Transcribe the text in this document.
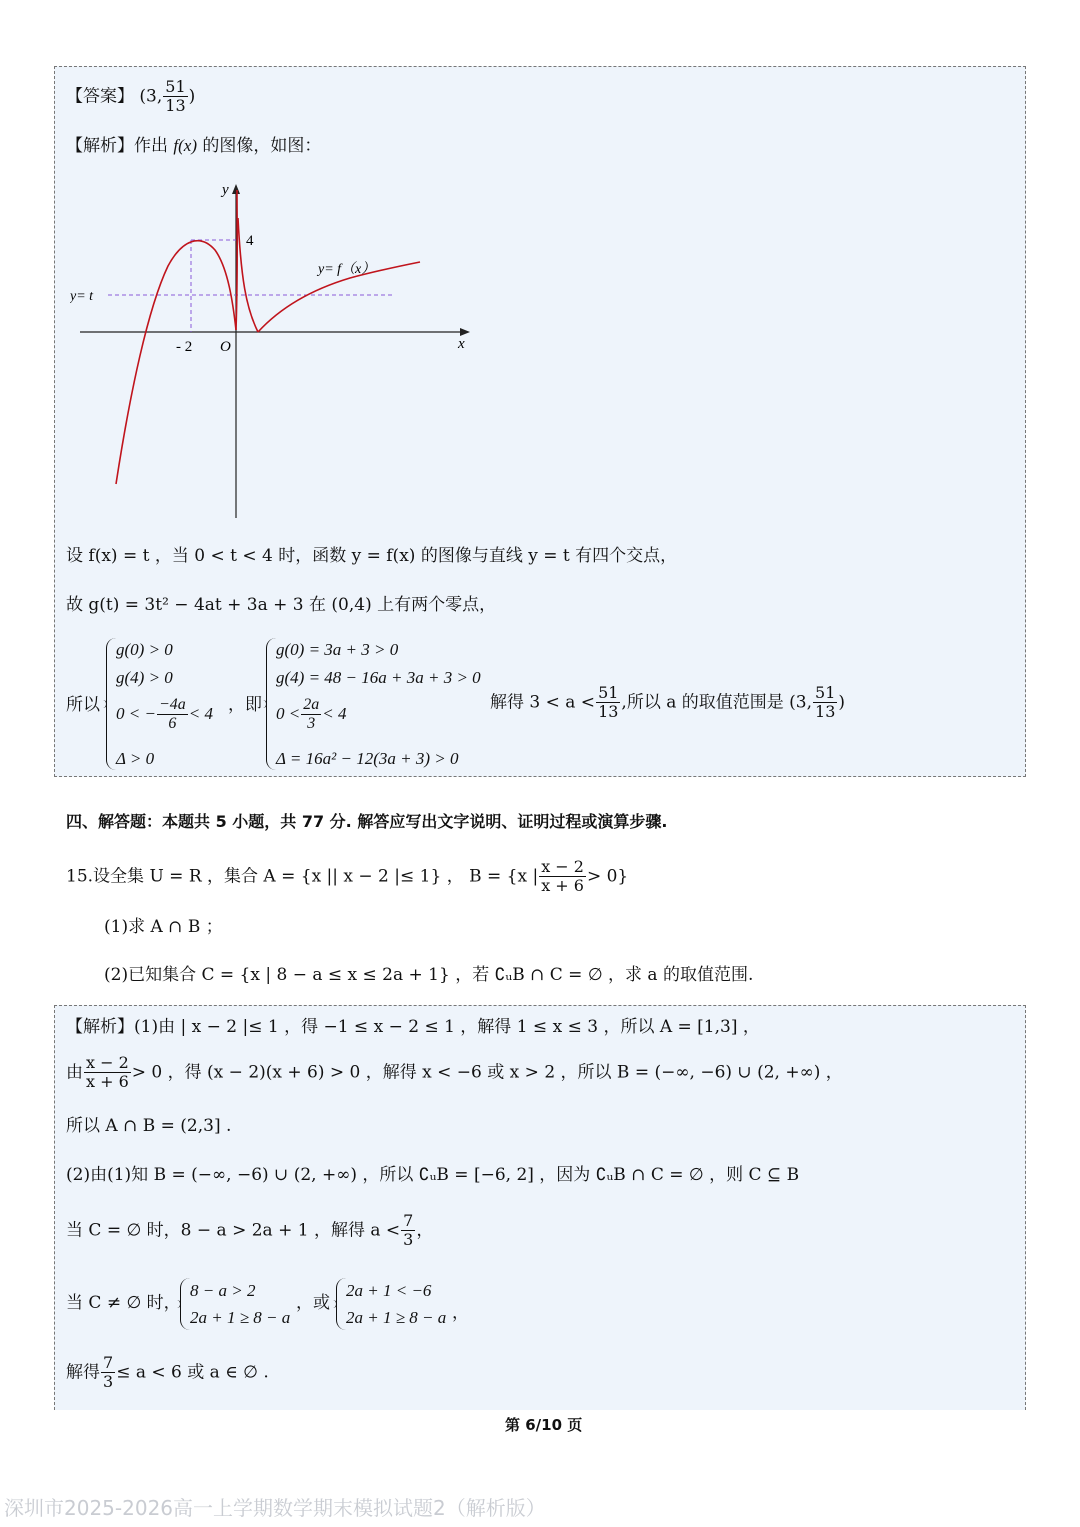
【答案】 (3, $\frac{51}{13}$ )
【解析】作出 f(x) 的图像，如图：
y
x
O
- 2
4
y= t
y= f（x）
设 f(x) = t ，当 0 < t < 4 时，函数 y = f(x) 的图像与直线 y = t 有四个交点，
故 g(t) = 3t² − 4at + 3a + 3 在 (0,4) 上有两个零点，
所以
g(0) > 0
g(4) > 0
0 < − $\frac{-4a}{6} < 4$
Δ > 0
，即
g(0) = 3a + 3 > 0
g(4) = 48 − 16a + 3a + 3 > 0
$0 < \frac{2a}{3} < 4$
Δ = 16a² − 12(3a + 3) > 0
解得 $3 < a < \frac{51}{13}$ ,所以 a 的取值范围是 (3, $\frac{51}{13}$ )
四、解答题：本题共 5 小题，共 77 分. 解答应写出文字说明、证明过程或演算步骤.
15.设全集 U = R ，集合 A = {x || x − 2 |≤ 1} ， B = {x | $\frac{x - 2}{x + 6} > 0$}
(1)求 A ∩ B ；
(2)已知集合 C = {x | 8 − a ≤ x ≤ 2a + 1} ，若 ∁ᵤB ∩ C = ∅ ，求 a 的取值范围.
【解析】(1)由 | x − 2 |≤ 1 ，得 −1 ≤ x − 2 ≤ 1 ，解得 1 ≤ x ≤ 3 ，所以 A = [1,3] ，
由 $\frac{x - 2}{x + 6} > 0$ ，得 (x − 2)(x + 6) > 0 ，解得 x < −6 或 x > 2 ，所以 B = (−∞, −6) ∪ (2, +∞) ，
所以 A ∩ B = (2,3] .
(2)由(1)知 B = (−∞, −6) ∪ (2, +∞) ，所以 ∁ᵤB = [−6, 2] ，因为 ∁ᵤB ∩ C = ∅ ，则 C ⊆ B
当 C = ∅ 时，8 − a > 2a + 1 ，解得 $a < \frac{7}{3}$ ，
当 C ≠ ∅ 时，
8 − a > 2
2a + 1 ≥ 8 − a
，或
2a + 1 < −6
2a + 1 ≥ 8 − a ，
解得 $\frac{7}{3} \le a < 6$ 或 a ∈ ∅ .
第 6/10 页
深圳市2025-2026高一上学期数学期末模拟试题2（解析版）
